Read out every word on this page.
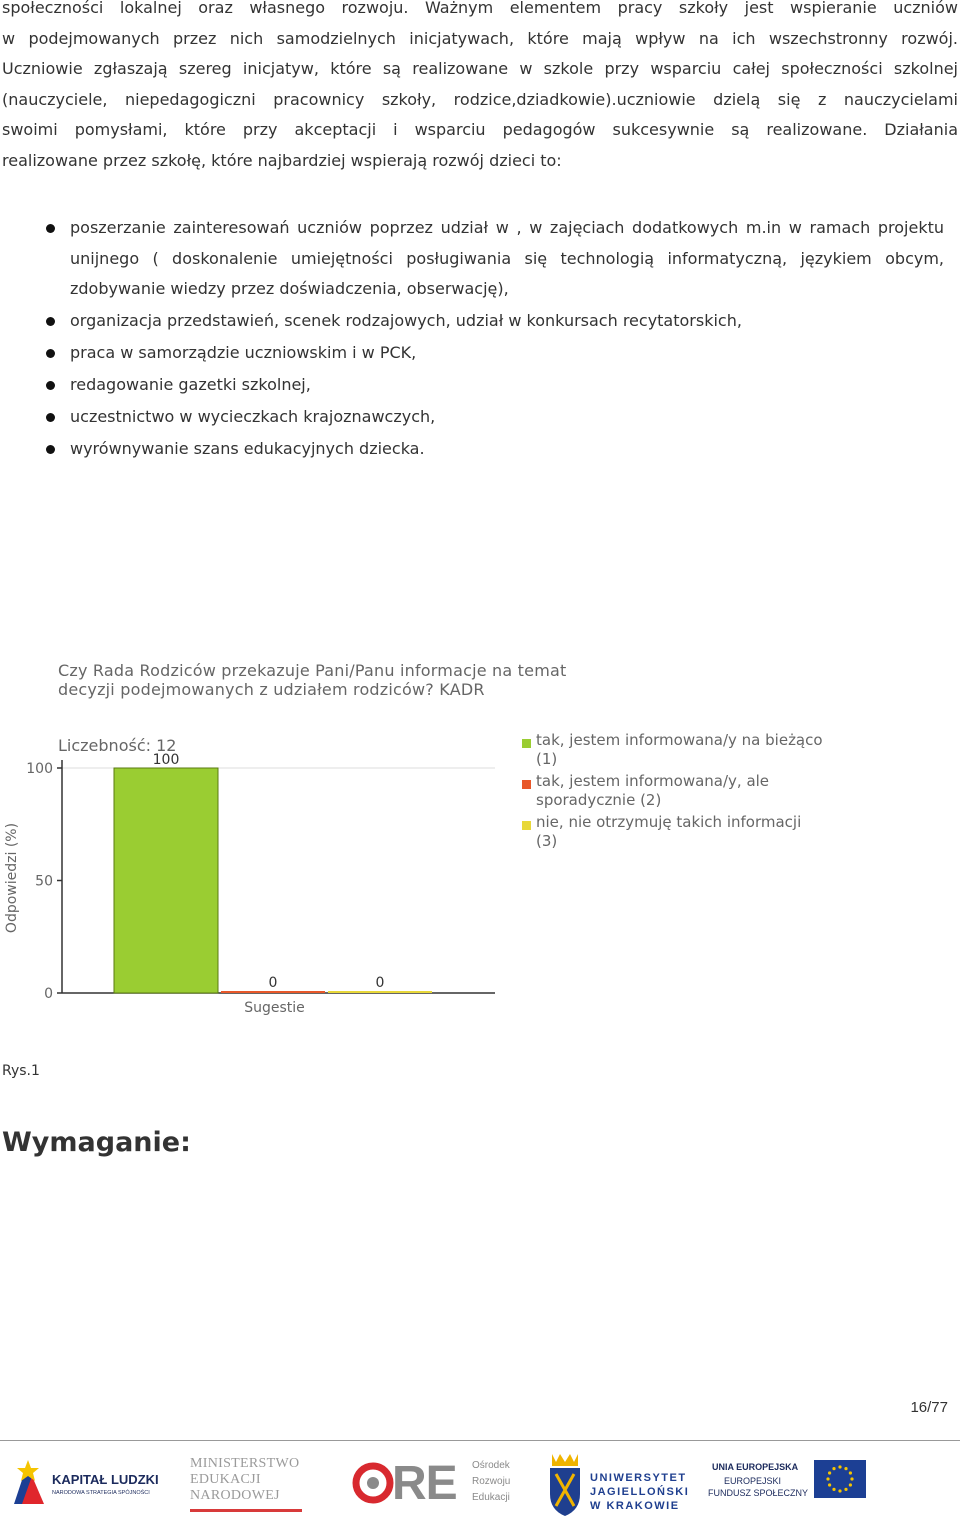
społeczności lokalnej oraz własnego rozwoju. Ważnym elementem pracy szkoły jest wspieranie uczniów
w podejmowanych przez nich samodzielnych inicjatywach, które mają wpływ na ich wszechstronny rozwój.
Uczniowie zgłaszają szereg inicjatyw, które są realizowane w szkole przy wsparciu całej społeczności szkolnej
(nauczyciele, niepedagogiczni pracownicy szkoły, rodzice,dziadkowie).uczniowie dzielą się z nauczycielami
swoimi pomysłami, które przy akceptacji i wsparciu pedagogów sukcesywnie są realizowane. Działania
realizowane przez szkołę, które najbardziej wspierają rozwój dzieci to:
poszerzanie zainteresowań uczniów poprzez udział w , w zajęciach dodatkowych m.in w ramach projektu unijnego ( doskonalenie umiejętności posługiwania się technologią informatyczną, językiem obcym, zdobywanie wiedzy przez doświadczenia, obserwację),
organizacja przedstawień, scenek rodzajowych, udział w konkursach recytatorskich,
praca w samorządzie uczniowskim i w PCK,
redagowanie gazetki szkolnej,
uczestnictwo w wycieczkach krajoznawczych,
wyrównywanie szans edukacyjnych dziecka.
Czy Rada Rodziców przekazuje Pani/Panu informacje na temat
decyzji podejmowanych z udziałem rodziców? KADR
Liczebność: 12
0
50
100
Odpowiedzi (%)
100
0	0
Sugestie
tak, jestem informowana/y na bieżąco
(1)
tak, jestem informowana/y, ale
sporadycznie (2)
nie, nie otrzymuję takich informacji
(3)
Rys.1
Wymaganie:
16/77
KAPITAŁ LUDZKI
NARODOWA STRATEGIA SPÓJNOŚCI
MINISTERSTWO
EDUKACJI
NARODOWEJ RE Ośrodek
Rozwoju
Edukacji
UNIWERSYTET
JAGIELLOŃSKI
W KRAKOWIE
UNIA EUROPEJSKA
EUROPEJSKI
FUNDUSZ SPOŁECZNY
